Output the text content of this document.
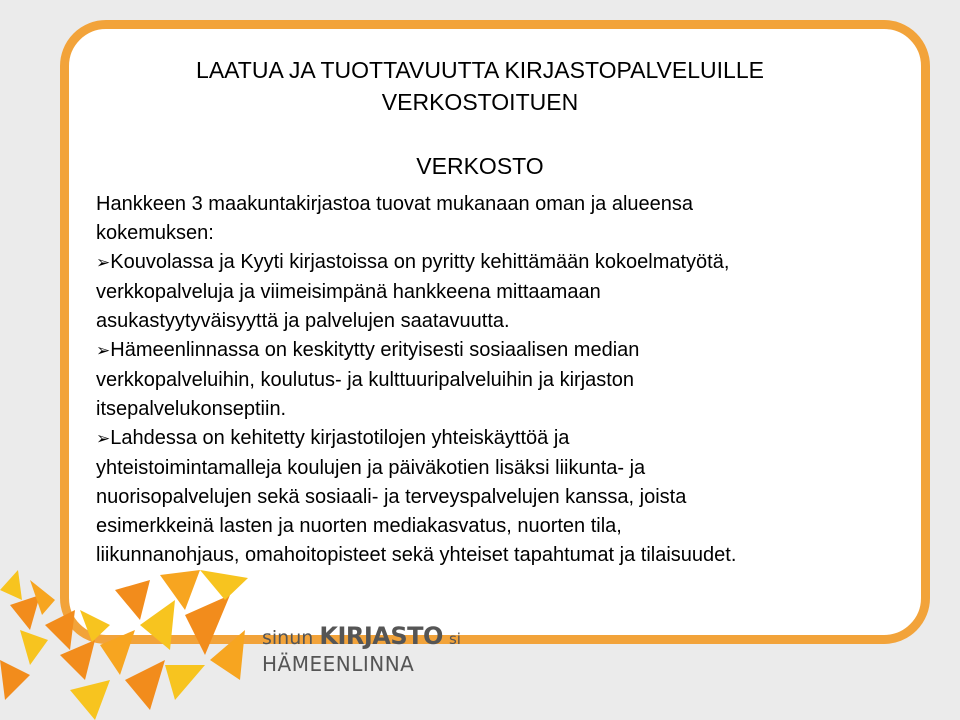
LAATUA JA TUOTTAVUUTTA KIRJASTOPALVELUILLE
VERKOSTOITUEN
VERKOSTO

Hankkeen 3 maakuntakirjastoa tuovat mukanaan oman ja alueensa
kokemuksen:

➢Kouvolassa ja Kyyti kirjastoissa on pyritty kehittämään kokoelmatyötä,
verkkopalveluja ja viimeisimpänä hankkeena mittaamaan
asukastyytyväisyyttä ja palvelujen saatavuutta.

➢Hämeenlinnassa on keskitytty erityisesti sosiaalisen median
verkkopalveluihin, koulutus- ja kulttuuripalveluihin ja kirjaston
itsepalvelukonseptiin.

➢Lahdessa on kehitetty kirjastotilojen yhteiskäyttöä ja
yhteistoimintamalleja koulujen ja päiväkotien lisäksi liikunta- ja
nuorisopalvelujen sekä sosiaali- ja terveyspalvelujen kanssa, joista
esimerkkeinä lasten ja nuorten mediakasvatus, nuorten tila,
liikunnanohjaus, omahoitopisteet sekä yhteiset tapahtumat ja tilaisuudet.

sinun KIRJASTO si
HÄMEENLINNA
